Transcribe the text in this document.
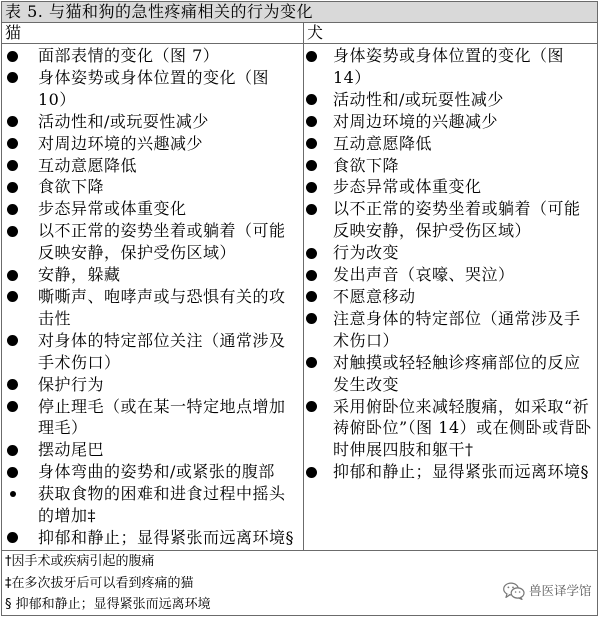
表 5. 与猫和狗的急性疼痛相关的行为变化
猫	犬
面部表情的变化（图 7）
身体姿势或身体位置的变化（图 10）
活动性和/或玩耍性减少
对周边环境的兴趣减少
互动意愿降低
食欲下降
步态异常或体重变化
以不正常的姿势坐着或躺着（可能反映安静，保护受伤区域）
安静，躲藏
嘶嘶声、咆哮声或与恐惧有关的攻击性
对身体的特定部位关注（通常涉及手术伤口）
保护行为
停止理毛（或在某一特定地点增加理毛）
摆动尾巴
身体弯曲的姿势和/或紧张的腹部
获取食物的困难和进食过程中摇头的增加‡
抑郁和静止；显得紧张而远离环境§
身体姿势或身体位置的变化（图 14）
活动性和/或玩耍性减少
对周边环境的兴趣减少
互动意愿降低
食欲下降
步态异常或体重变化
以不正常的姿势坐着或躺着（可能反映安静，保护受伤区域）
行为改变
发出声音（哀嚎、哭泣）
不愿意移动
注意身体的特定部位（通常涉及手术伤口）
对触摸或轻轻触诊疼痛部位的反应发生改变
采用俯卧位来减轻腹痛，如采取“祈祷俯卧位”（图 14）或在侧卧或背卧时伸展四肢和躯干†
抑郁和静止；显得紧张而远离环境§
†因手术或疾病引起的腹痛
‡在多次拔牙后可以看到疼痛的猫
§ 抑郁和静止；显得紧张而远离环境
兽医译学馆
